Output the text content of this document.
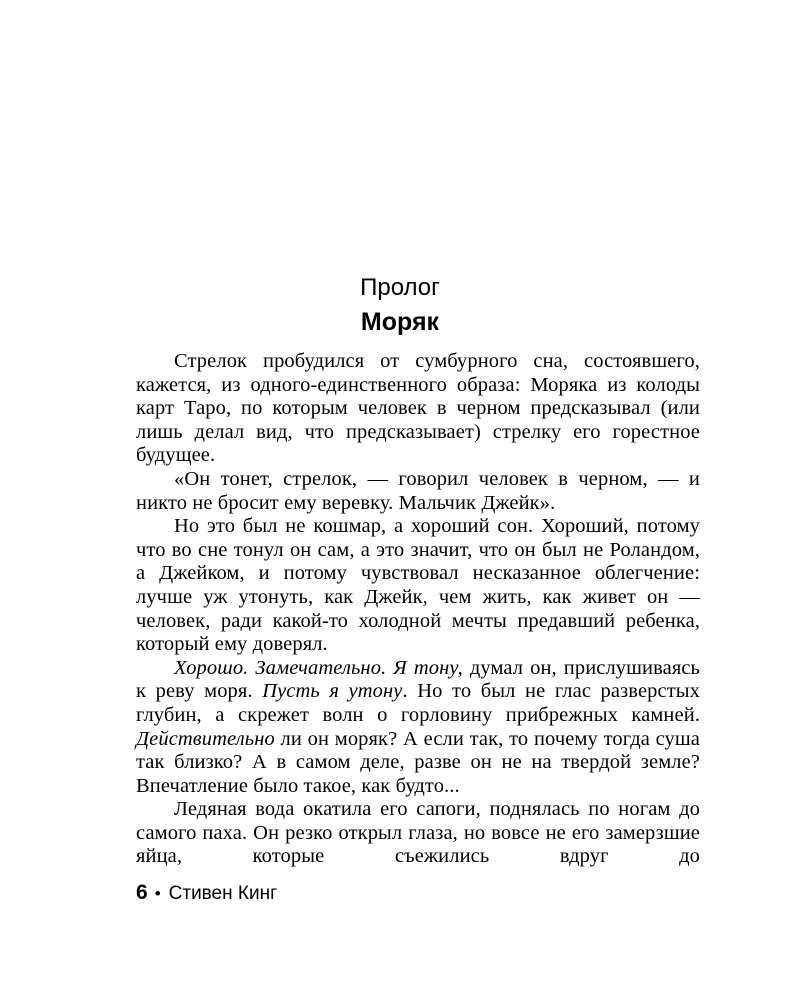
Пролог
Моряк

Стрелок пробудился от сумбурного сна, состоявшего, кажется, из одного-единственного образа: Моряка из колоды карт Таро, по которым человек в черном предсказывал (или лишь делал вид, что предсказывает) стрелку его горестное будущее.

«Он тонет, стрелок, — говорил человек в черном, — и никто не бросит ему веревку. Мальчик Джейк».

Но это был не кошмар, а хороший сон. Хороший, потому что во сне тонул он сам, а это значит, что он был не Роландом, а Джейком, и потому чувствовал несказанное облегчение: лучше уж утонуть, как Джейк, чем жить, как живет он — человек, ради какой-то холодной мечты предавший ребенка, который ему доверял.

Хорошо. Замечательно. Я тону, думал он, прислушиваясь к реву моря. Пусть я утону. Но то был не глас разверстых глубин, а скрежет волн о горловину прибрежных камней. Действительно ли он моряк? А если так, то почему тогда суша так близко? А в самом деле, разве он не на твердой земле? Впечатление было такое, как будто...

Ледяная вода окатила его сапоги, поднялась по ногам до самого паха. Он резко открыл глаза, но вовсе не его замерзшие яйца, которые съежились вдруг до

6 • Стивен Кинг
